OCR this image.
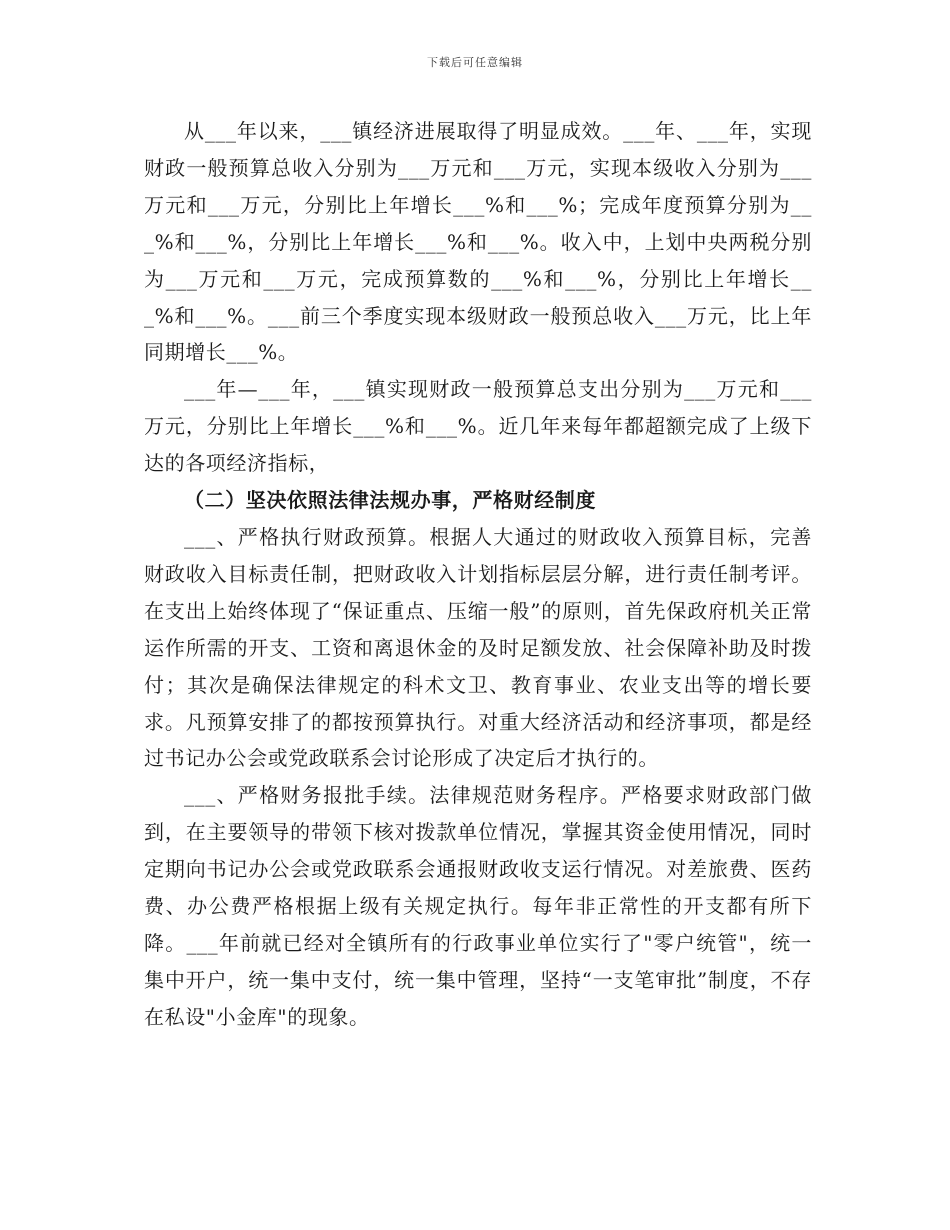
下载后可任意编辑

从___年以来，___镇经济进展取得了明显成效。___年、___年，实现财政一般预算总收入分别为___万元和___万元，实现本级收入分别为___万元和___万元，分别比上年增长___%和___%；完成年度预算分别为___%和___%，分别比上年增长___%和___%。收入中，上划中央两税分别为___万元和___万元，完成预算数的___%和___%，分别比上年增长___%和___%。___前三个季度实现本级财政一般预总收入___万元，比上年同期增长___%。

___年—___年，___镇实现财政一般预算总支出分别为___万元和___万元，分别比上年增长___%和___%。近几年来每年都超额完成了上级下达的各项经济指标，

（二）坚决依照法律法规办事，严格财经制度

___、严格执行财政预算。根据人大通过的财政收入预算目标，完善财政收入目标责任制，把财政收入计划指标层层分解，进行责任制考评。在支出上始终体现了“保证重点、压缩一般”的原则，首先保政府机关正常运作所需的开支、工资和离退休金的及时足额发放、社会保障补助及时拨付；其次是确保法律规定的科术文卫、教育事业、农业支出等的增长要求。凡预算安排了的都按预算执行。对重大经济活动和经济事项，都是经过书记办公会或党政联系会讨论形成了决定后才执行的。

___、严格财务报批手续。法律规范财务程序。严格要求财政部门做到，在主要领导的带领下核对拨款单位情况，掌握其资金使用情况，同时定期向书记办公会或党政联系会通报财政收支运行情况。对差旅费、医药费、办公费严格根据上级有关规定执行。每年非正常性的开支都有所下降。___年前就已经对全镇所有的行政事业单位实行了"零户统管"，统一集中开户，统一集中支付，统一集中管理，坚持“一支笔审批”制度，不存在私设"小金库"的现象。
